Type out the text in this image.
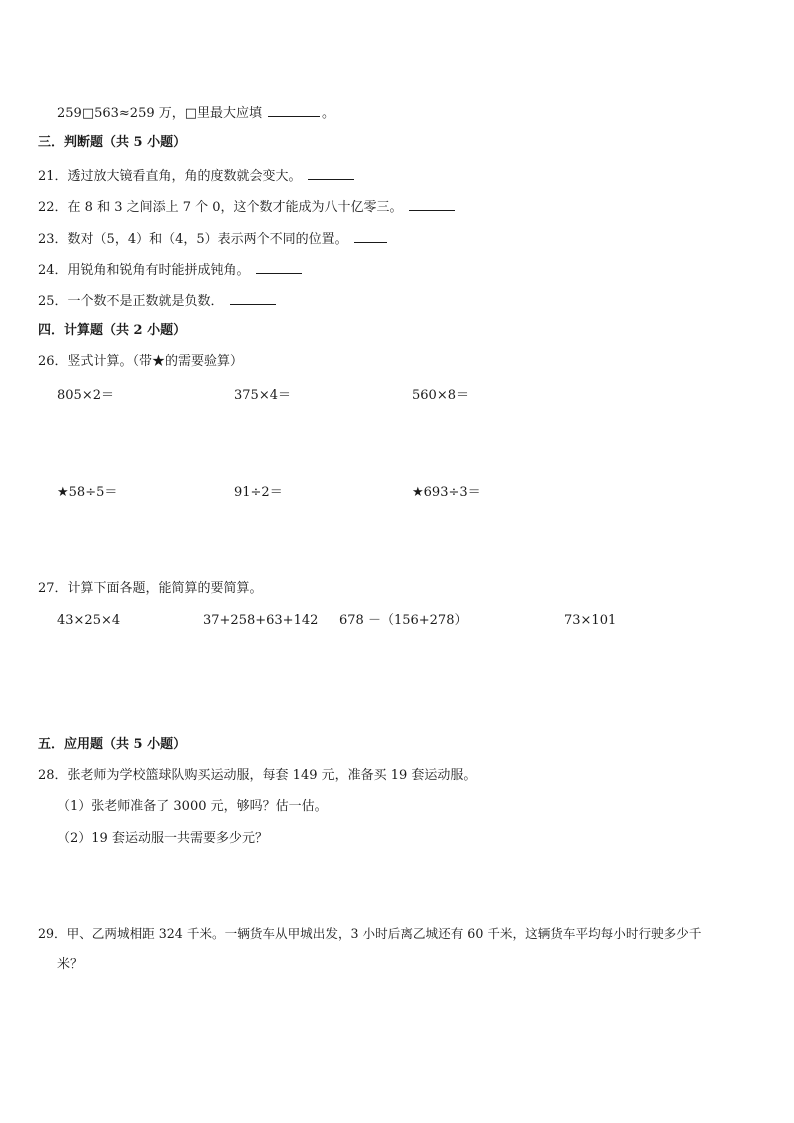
259□563≈259 万，□里最大应填	。
三．判断题（共 5 小题）
21．透过放大镜看直角，角的度数就会变大。
22．在 8 和 3 之间添上 7 个 0，这个数才能成为八十亿零三。
23．数对（5，4）和（4，5）表示两个不同的位置。
24．用锐角和锐角有时能拼成钝角。
25．一个数不是正数就是负数．
四．计算题（共 2 小题）
26．竖式计算。（带★的需要验算）
805×2＝	375×4＝	560×8＝
★58÷5＝	91÷2＝	★693÷3＝
27．计算下面各题，能简算的要简算。
43×25×4	37+258+63+142 678 －（156+278）	73×101
五．应用题（共 5 小题）
28．张老师为学校篮球队购买运动服，每套 149 元，准备买 19 套运动服。
（1）张老师准备了 3000 元，够吗？估一估。
（2）19 套运动服一共需要多少元？
29．甲、乙两城相距 324 千米。一辆货车从甲城出发，3 小时后离乙城还有 60 千米，这辆货车平均每小时行驶多少千
米？
